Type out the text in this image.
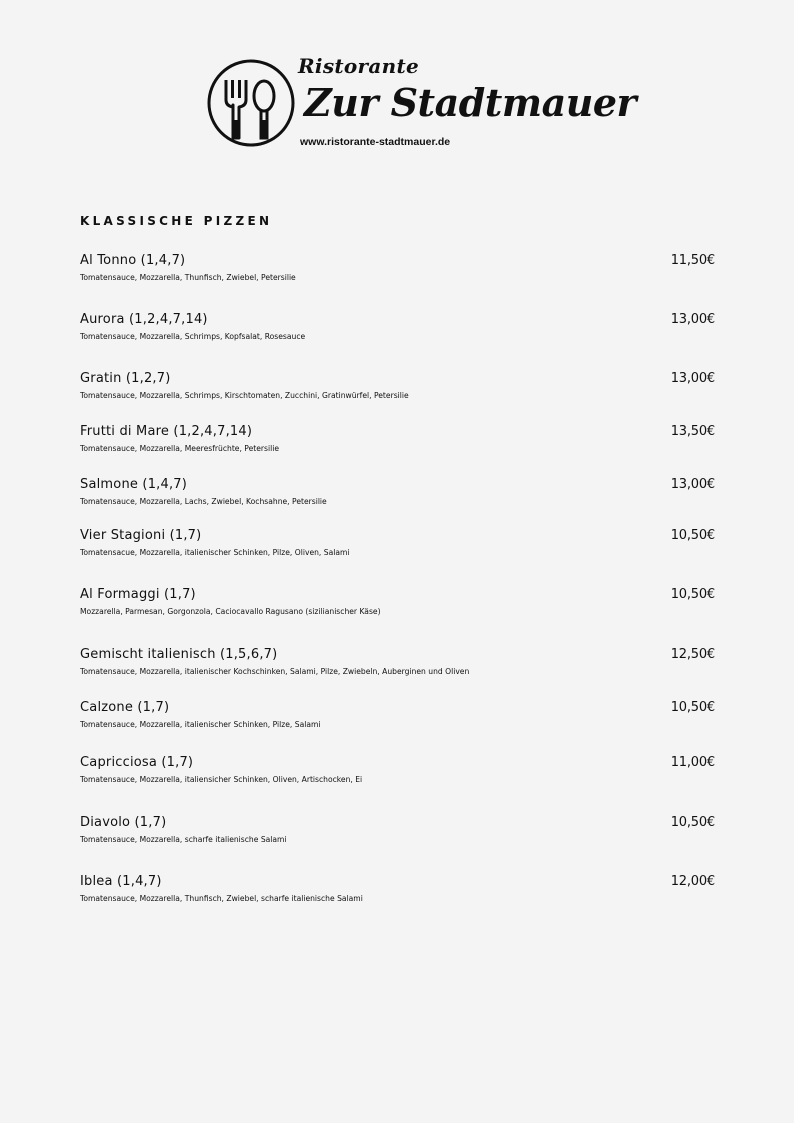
Ristorante
Zur Stadtmauer
www.ristorante-stadtmauer.de
KLASSISCHE PIZZEN
Al Tonno (1,4,7)	11,50€
Tomatensauce, Mozzarella, Thunfisch, Zwiebel, Petersilie
Aurora (1,2,4,7,14)	13,00€
Tomatensauce, Mozzarella, Schrimps, Kopfsalat, Rosesauce
Gratin (1,2,7)	13,00€
Tomatensauce, Mozzarella, Schrimps, Kirschtomaten, Zucchini, Gratinwürfel, Petersilie
Frutti di Mare (1,2,4,7,14)	13,50€
Tomatensauce, Mozzarella, Meeresfrüchte, Petersilie
Salmone (1,4,7)	13,00€
Tomatensauce, Mozzarella, Lachs, Zwiebel, Kochsahne, Petersilie
Vier Stagioni (1,7)	10,50€
Tomatensacue, Mozzarella, italienischer Schinken, Pilze, Oliven, Salami
Al Formaggi (1,7)	10,50€
Mozzarella, Parmesan, Gorgonzola, Caciocavallo Ragusano (sizilianischer Käse)
Gemischt italienisch (1,5,6,7)	12,50€
Tomatensauce, Mozzarella, italienischer Kochschinken, Salami, Pilze, Zwiebeln, Auberginen und Oliven
Calzone (1,7)	10,50€
Tomatensauce, Mozzarella, italienischer Schinken, Pilze, Salami
Capricciosa (1,7)	11,00€
Tomatensauce, Mozzarella, italiensicher Schinken, Oliven, Artischocken, Ei
Diavolo (1,7)	10,50€
Tomatensauce, Mozzarella, scharfe italienische Salami
Iblea (1,4,7)	12,00€
Tomatensauce, Mozzarella, Thunfisch, Zwiebel, scharfe italienische Salami
